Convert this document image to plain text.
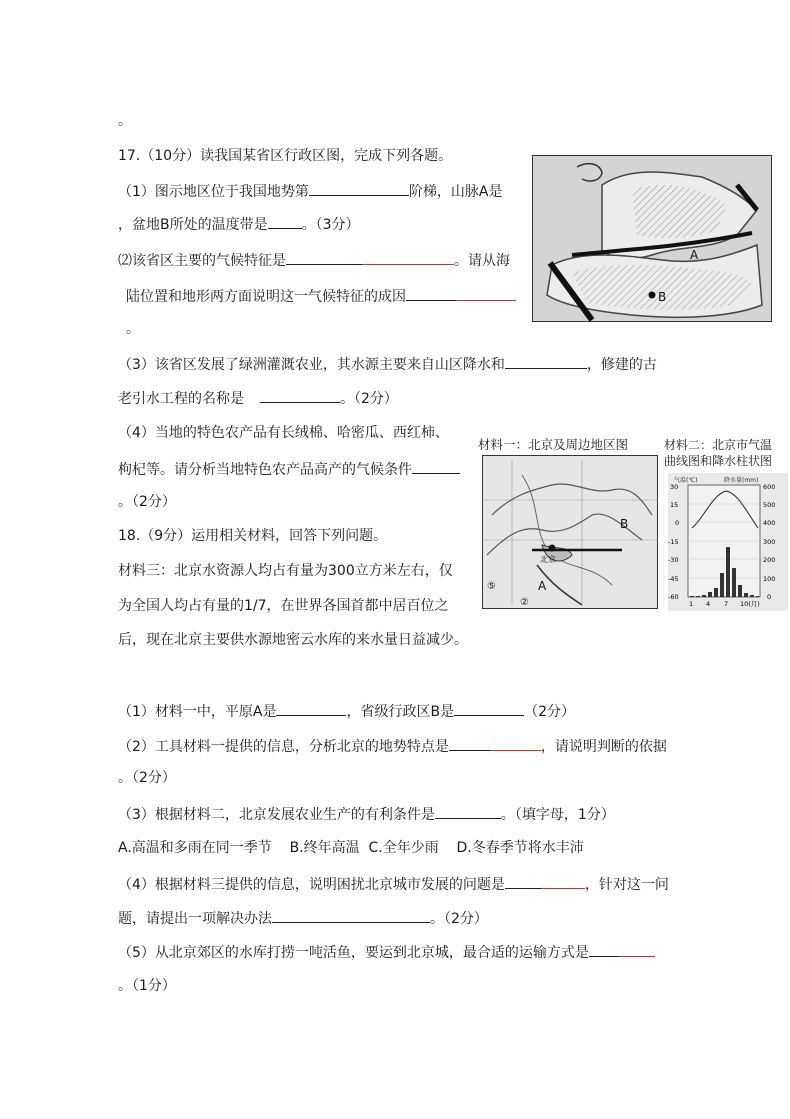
。
17.（10分）读我国某省区行政区图，完成下列各题。
（1）图示地区位于我国地势第	阶梯，山脉A是
，盆地B所处的温度带是 。（3分）
⑵该省区主要的气候特征是	。请从海
陆位置和地形两方面说明这一气候特征的成因
。
（3）该省区发展了绿洲灌溉农业，其水源主要来自山区降水和	，修建的古
老引水工程的名称是	。（2分）
（4）当地的特色农产品有长绒棉、哈密瓜、西红柿、
枸杞等。请分析当地特色农产品高产的气候条件
。（2分）
A
B
18.（9分）运用相关材料，回答下列问题。
材料三：北京水资源人均占有量为300立方米左右，仅
为全国人均占有量的1/7，在世界各国首都中居百位之
后，现在北京主要供水源地密云水库的来水量日益减少。
材料一：北京及周边地区图
B
A
北京
⑤
②
材料二：北京市气温
曲线图和降水柱状图
气温(℃)	降水量(mm)
30
15
0
-15
-30
-45
-60
600
500
400
300
200
100
0
1 4 7 10(月)
（1）材料一中，平原A是	，省级行政区B是	（2分）
（2）工具材料一提供的信息，分析北京的地势特点是	，请说明判断的依据
。（2分）
（3）根据材料二，北京发展农业生产的有利条件是	。（填字母，1分）
A.高温和多雨在同一季节    B.终年高温  C.全年少雨    D.冬春季节将水丰沛
（4）根据材料三提供的信息，说明困扰北京城市发展的问题是	，针对这一问
题，请提出一项解决办法	。（2分）
（5）从北京郊区的水库打捞一吨活鱼，要运到北京城，最合适的运输方式是
。（1分）
